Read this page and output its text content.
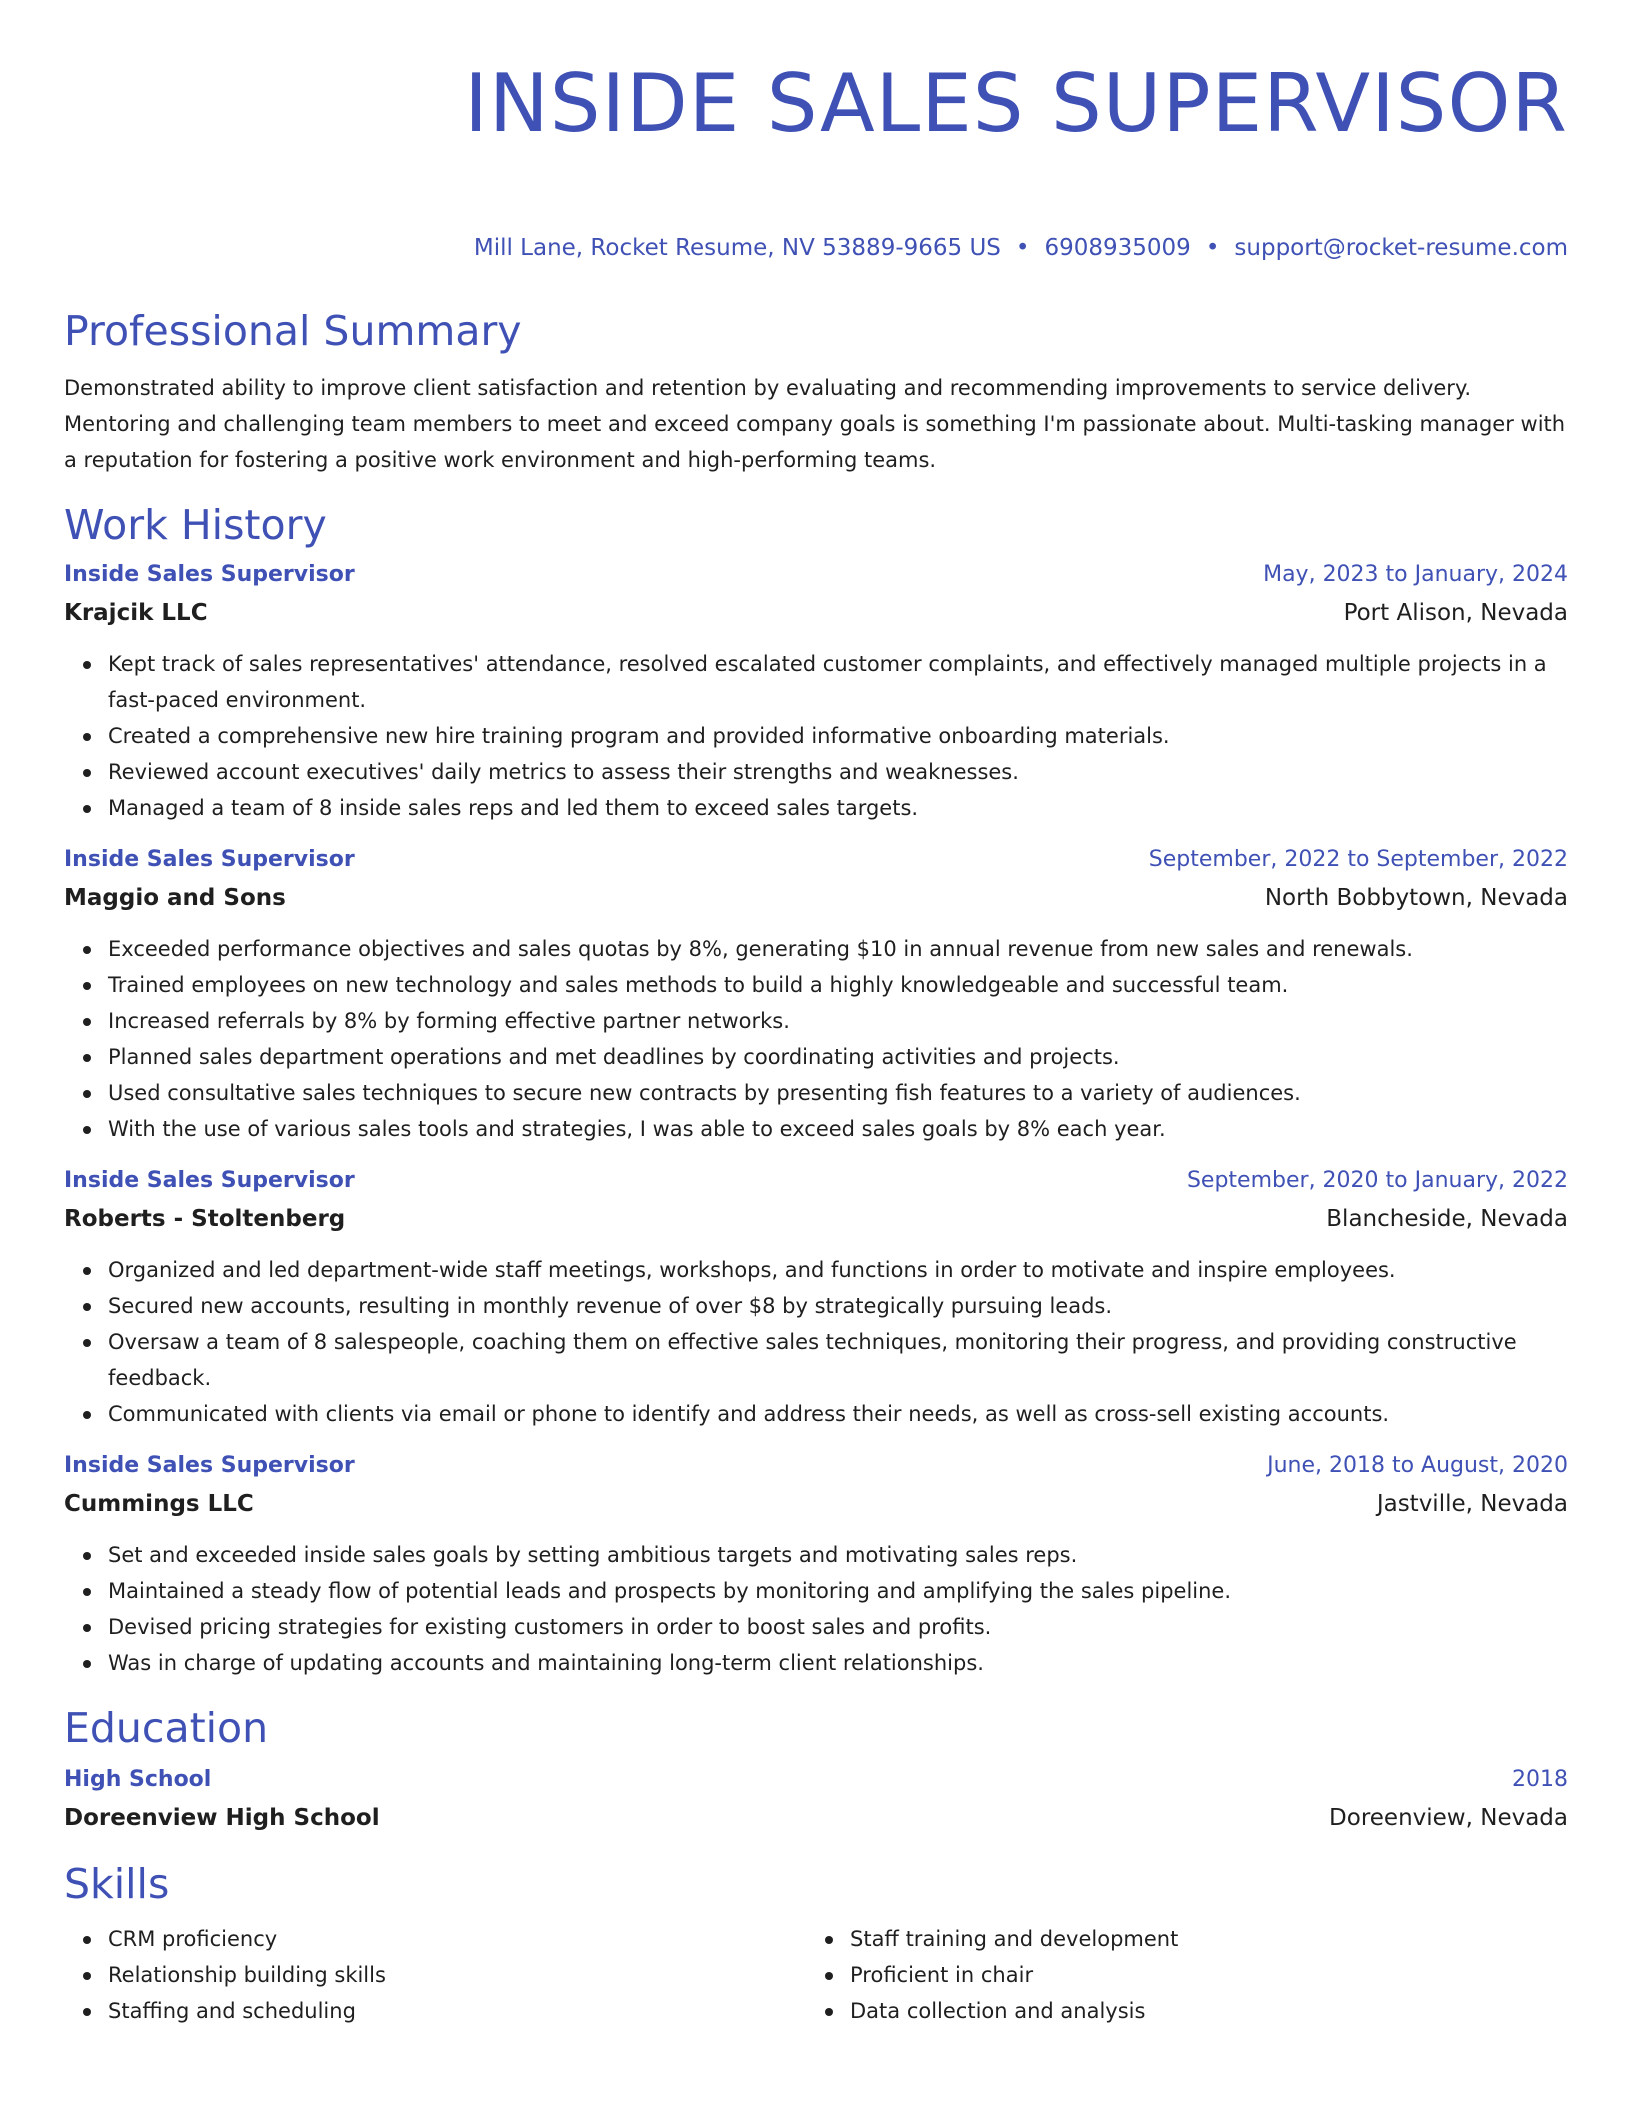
INSIDE SALES SUPERVISOR
Mill Lane, Rocket Resume, NV 53889-9665 US • 6908935009 • support@rocket-resume.com
Professional Summary
Demonstrated ability to improve client satisfaction and retention by evaluating and recommending improvements to service delivery. Mentoring and challenging team members to meet and exceed company goals is something I'm passionate about. Multi-tasking manager with a reputation for fostering a positive work environment and high-performing teams.
Work History
Inside Sales Supervisor	May, 2023 to January, 2024
Krajcik LLC	Port Alison, Nevada
Kept track of sales representatives' attendance, resolved escalated customer complaints, and effectively managed multiple projects in a fast-paced environment.
Created a comprehensive new hire training program and provided informative onboarding materials.
Reviewed account executives' daily metrics to assess their strengths and weaknesses.
Managed a team of 8 inside sales reps and led them to exceed sales targets.
Inside Sales Supervisor	September, 2022 to September, 2022
Maggio and Sons	North Bobbytown, Nevada
Exceeded performance objectives and sales quotas by 8%, generating $10 in annual revenue from new sales and renewals.
Trained employees on new technology and sales methods to build a highly knowledgeable and successful team.
Increased referrals by 8% by forming effective partner networks.
Planned sales department operations and met deadlines by coordinating activities and projects.
Used consultative sales techniques to secure new contracts by presenting fish features to a variety of audiences.
With the use of various sales tools and strategies, I was able to exceed sales goals by 8% each year.
Inside Sales Supervisor	September, 2020 to January, 2022
Roberts - Stoltenberg	Blancheside, Nevada
Organized and led department-wide staff meetings, workshops, and functions in order to motivate and inspire employees.
Secured new accounts, resulting in monthly revenue of over $8 by strategically pursuing leads.
Oversaw a team of 8 salespeople, coaching them on effective sales techniques, monitoring their progress, and providing constructive feedback.
Communicated with clients via email or phone to identify and address their needs, as well as cross-sell existing accounts.
Inside Sales Supervisor	June, 2018 to August, 2020
Cummings LLC	Jastville, Nevada
Set and exceeded inside sales goals by setting ambitious targets and motivating sales reps.
Maintained a steady flow of potential leads and prospects by monitoring and amplifying the sales pipeline.
Devised pricing strategies for existing customers in order to boost sales and profits.
Was in charge of updating accounts and maintaining long-term client relationships.
Education
High School	2018
Doreenview High School	Doreenview, Nevada
Skills
CRM proficiency
Relationship building skills
Staffing and scheduling
Staff training and development
Proficient in chair
Data collection and analysis
